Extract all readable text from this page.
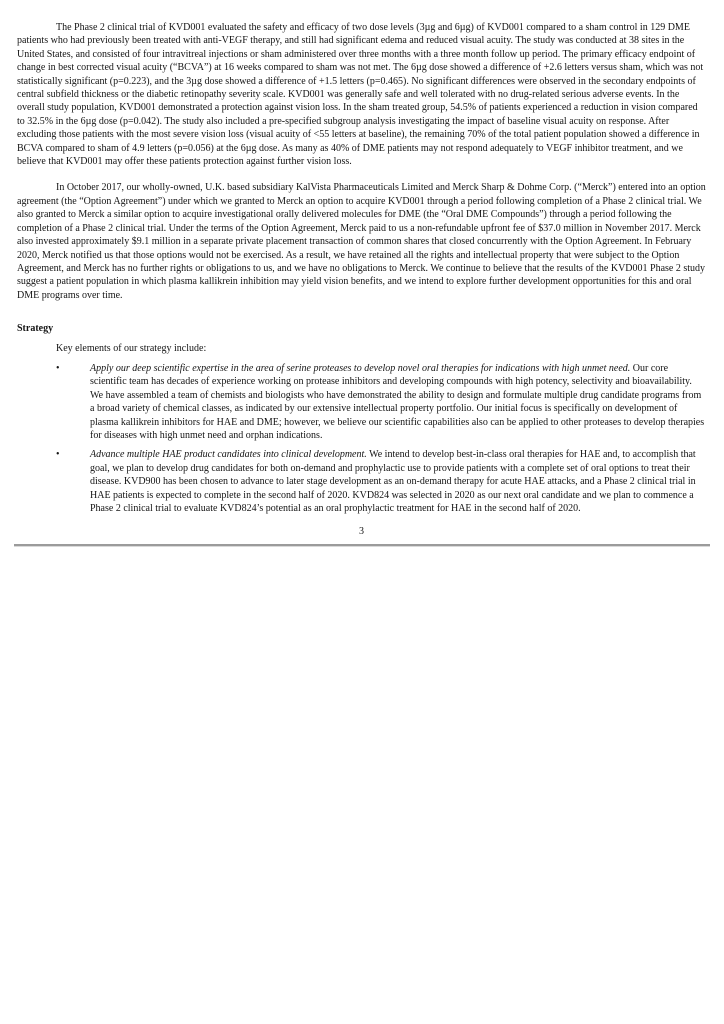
The Phase 2 clinical trial of KVD001 evaluated the safety and efficacy of two dose levels (3µg and 6µg) of KVD001 compared to a sham control in 129 DME patients who had previously been treated with anti-VEGF therapy, and still had significant edema and reduced visual acuity. The study was conducted at 38 sites in the United States, and consisted of four intravitreal injections or sham administered over three months with a three month follow up period. The primary efficacy endpoint of change in best corrected visual acuity (“BCVA”) at 16 weeks compared to sham was not met. The 6µg dose showed a difference of +2.6 letters versus sham, which was not statistically significant (p=0.223), and the 3µg dose showed a difference of +1.5 letters (p=0.465). No significant differences were observed in the secondary endpoints of central subfield thickness or the diabetic retinopathy severity scale. KVD001 was generally safe and well tolerated with no drug-related serious adverse events. In the overall study population, KVD001 demonstrated a protection against vision loss. In the sham treated group, 54.5% of patients experienced a reduction in vision compared to 32.5% in the 6µg dose (p=0.042). The study also included a pre-specified subgroup analysis investigating the impact of baseline visual acuity on response. After excluding those patients with the most severe vision loss (visual acuity of <55 letters at baseline), the remaining 70% of the total patient population showed a difference in BCVA compared to sham of 4.9 letters (p=0.056) at the 6µg dose. As many as 40% of DME patients may not respond adequately to VEGF inhibitor treatment, and we believe that KVD001 may offer these patients protection against further vision loss.

In October 2017, our wholly-owned, U.K. based subsidiary KalVista Pharmaceuticals Limited and Merck Sharp & Dohme Corp. (“Merck”) entered into an option agreement (the “Option Agreement”) under which we granted to Merck an option to acquire KVD001 through a period following completion of a Phase 2 clinical trial. We also granted to Merck a similar option to acquire investigational orally delivered molecules for DME (the “Oral DME Compounds”) through a period following the completion of a Phase 2 clinical trial. Under the terms of the Option Agreement, Merck paid to us a non-refundable upfront fee of $37.0 million in November 2017. Merck also invested approximately $9.1 million in a separate private placement transaction of common shares that closed concurrently with the Option Agreement. In February 2020, Merck notified us that those options would not be exercised. As a result, we have retained all the rights and intellectual property that were subject to the Option Agreement, and Merck has no further rights or obligations to us, and we have no obligations to Merck. We continue to believe that the results of the KVD001 Phase 2 study suggest a patient population in which plasma kallikrein inhibition may yield vision benefits, and we intend to explore further development opportunities for this and oral DME programs over time.

Strategy

Key elements of our strategy include:

•	Apply our deep scientific expertise in the area of serine proteases to develop novel oral therapies for indications with high unmet need. Our core scientific team has decades of experience working on protease inhibitors and developing compounds with high potency, selectivity and bioavailability. We have assembled a team of chemists and biologists who have demonstrated the ability to design and formulate multiple drug candidate programs from a broad variety of chemical classes, as indicated by our extensive intellectual property portfolio. Our initial focus is specifically on development of plasma kallikrein inhibitors for HAE and DME; however, we believe our scientific capabilities also can be applied to other proteases to develop therapies for diseases with high unmet need and orphan indications.
•	Advance multiple HAE product candidates into clinical development. We intend to develop best-in-class oral therapies for HAE and, to accomplish that goal, we plan to develop drug candidates for both on-demand and prophylactic use to provide patients with a complete set of oral options to treat their disease. KVD900 has been chosen to advance to later stage development as an on-demand therapy for acute HAE attacks, and a Phase 2 clinical trial in HAE patients is expected to complete in the second half of 2020. KVD824 was selected in 2020 as our next oral candidate and we plan to commence a Phase 2 clinical trial to evaluate KVD824’s potential as an oral prophylactic treatment for HAE in the second half of 2020.
3
